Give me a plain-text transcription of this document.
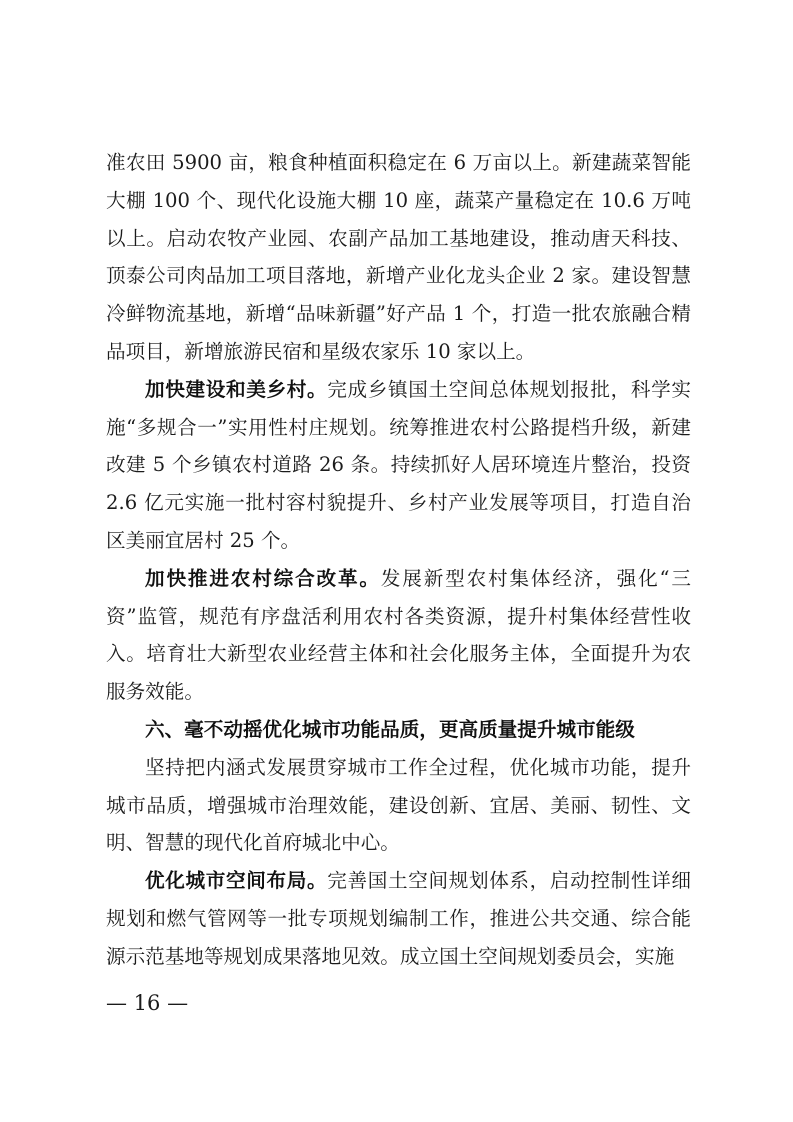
准农田 5900 亩，粮食种植面积稳定在 6 万亩以上。新建蔬菜智能大棚 100 个、现代化设施大棚 10 座，蔬菜产量稳定在 10.6 万吨以上。启动农牧产业园、农副产品加工基地建设，推动唐天科技、顶泰公司肉品加工项目落地，新增产业化龙头企业 2 家。建设智慧冷鲜物流基地，新增“品味新疆”好产品 1 个，打造一批农旅融合精品项目，新增旅游民宿和星级农家乐 10 家以上。

加快建设和美乡村。完成乡镇国土空间总体规划报批，科学实施“多规合一”实用性村庄规划。统筹推进农村公路提档升级，新建改建 5 个乡镇农村道路 26 条。持续抓好人居环境连片整治，投资 2.6 亿元实施一批村容村貌提升、乡村产业发展等项目，打造自治区美丽宜居村 25 个。

加快推进农村综合改革。发展新型农村集体经济，强化“三资”监管，规范有序盘活利用农村各类资源，提升村集体经营性收入。培育壮大新型农业经营主体和社会化服务主体，全面提升为农服务效能。

六、毫不动摇优化城市功能品质，更高质量提升城市能级

坚持把内涵式发展贯穿城市工作全过程，优化城市功能，提升城市品质，增强城市治理效能，建设创新、宜居、美丽、韧性、文明、智慧的现代化首府城北中心。

优化城市空间布局。完善国土空间规划体系，启动控制性详细规划和燃气管网等一批专项规划编制工作，推进公共交通、综合能源示范基地等规划成果落地见效。成立国土空间规划委员会，实施

— 16 —
